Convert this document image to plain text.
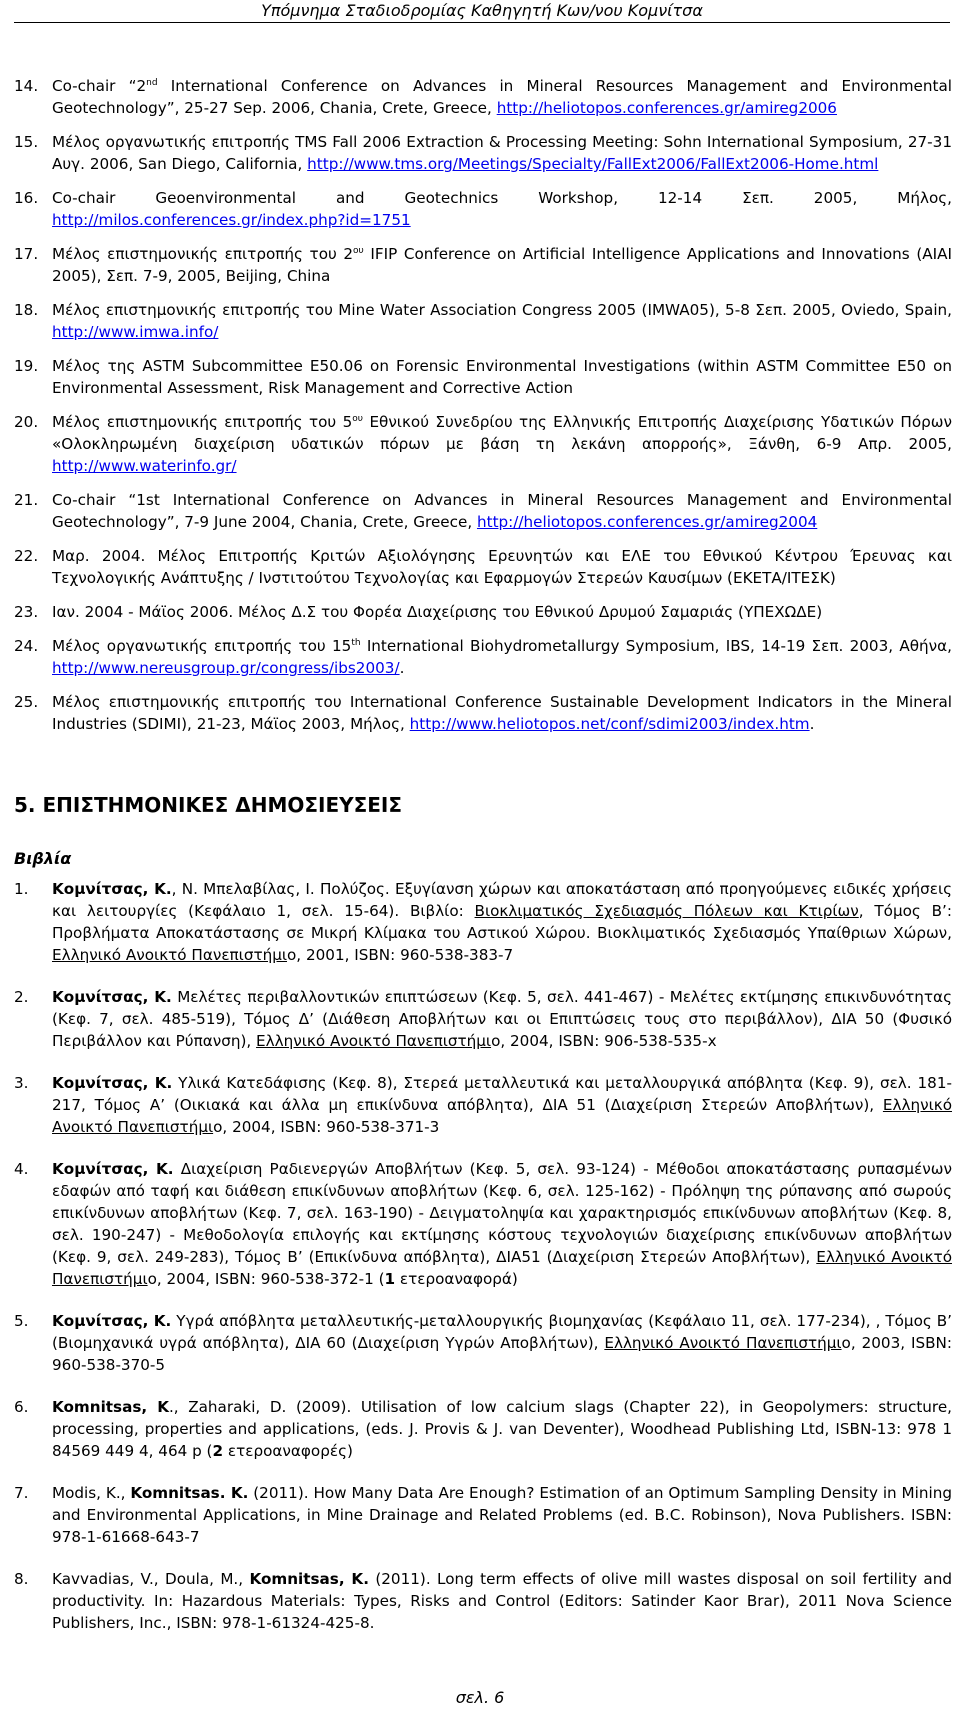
Υπόμνημα Σταδιοδρομίας Καθηγητή Κων/νου Κομνίτσα
14. Co-chair “2nd International Conference on Advances in Mineral Resources Management and Environmental Geotechnology”, 25-27 Sep. 2006, Chania, Crete, Greece, http://heliotopos.conferences.gr/amireg2006
15. Μέλος οργανωτικής επιτροπής TMS Fall 2006 Extraction & Processing Meeting: Sohn International Symposium, 27-31 Αυγ. 2006, San Diego, California, http://www.tms.org/Meetings/Specialty/FallExt2006/FallExt2006-Home.html
16. Co-chair Geoenvironmental and Geotechnics Workshop, 12-14 Σεπ. 2005, Μήλος, http://milos.conferences.gr/index.php?id=1751
17. Μέλος επιστημονικής επιτροπής του $2^{o\upsilon}$ IFIP Conference on Artificial Intelligence Applications and Innovations (AIAI 2005), Σεπ. 7-9, 2005, Beijing, China
18. Μέλος επιστημονικής επιτροπής του Mine Water Association Congress 2005 (IMWA05), 5-8 Σεπ. 2005, Oviedo, Spain, http://www.imwa.info/
19. Μέλος της ASTM Subcommittee E50.06 on Forensic Environmental Investigations (within ASTM Committee E50 on Environmental Assessment, Risk Management and Corrective Action
20. Μέλος επιστημονικής επιτροπής του $5^{o\upsilon}$ Εθνικού Συνεδρίου της Ελληνικής Επιτροπής Διαχείρισης Υδατικών Πόρων «Ολοκληρωμένη διαχείριση υδατικών πόρων με βάση τη λεκάνη απορροής», Ξάνθη, 6-9 Απρ. 2005, http://www.waterinfo.gr/
21. Co-chair “1st International Conference on Advances in Mineral Resources Management and Environmental Geotechnology”, 7-9 June 2004, Chania, Crete, Greece, http://heliotopos.conferences.gr/amireg2004
22. Μαρ. 2004. Μέλος Επιτροπής Κριτών Αξιολόγησης Ερευνητών και ΕΛΕ του Εθνικού Κέντρου Έρευνας και Τεχνολογικής Ανάπτυξης / Ινστιτούτου Τεχνολογίας και Εφαρμογών Στερεών Καυσίμων (ΕΚΕΤΑ/ΙΤΕΣΚ)
23. Ιαν. 2004 - Μάϊος 2006. Μέλος Δ.Σ του Φορέα Διαχείρισης του Εθνικού Δρυμού Σαμαριάς (ΥΠΕΧΩΔΕ)
24. Μέλος οργανωτικής επιτροπής του 15th International Biohydrometallurgy Symposium, IBS, 14-19 Σεπ. 2003, Αθήνα, http://www.nereusgroup.gr/congress/ibs2003/.
25. Μέλος επιστημονικής επιτροπής του International Conference Sustainable Development Indicators in the Mineral Industries (SDIMI), 21-23, Μάϊος 2003, Μήλος, http://www.heliotopos.net/conf/sdimi2003/index.htm.
5. ΕΠΙΣΤΗΜΟΝΙΚΕΣ ΔΗΜΟΣΙΕΥΣΕΙΣ
Βιβλία
1.	Κομνίτσας, Κ., Ν. Μπελαβίλας, Ι. Πολύζος. Εξυγίανση χώρων και αποκατάσταση από προηγούμενες ειδικές χρήσεις και λειτουργίες (Κεφάλαιο 1, σελ. 15-64). Βιβλίο: Βιοκλιματικός Σχεδιασμός Πόλεων και Κτιρίων, Τόμος Β’: Προβλήματα Αποκατάστασης σε Μικρή Κλίμακα του Αστικού Χώρου. Βιοκλιματικός Σχεδιασμός Υπαίθριων Χώρων, Ελληνικό Ανοικτό Πανεπιστήμιο, 2001, ISBN: 960-538-383-7
2.	Κομνίτσας, Κ. Μελέτες περιβαλλοντικών επιπτώσεων (Κεφ. 5, σελ. 441-467) - Μελέτες εκτίμησης επικινδυνότητας (Κεφ. 7, σελ. 485-519), Τόμος Δ’ (Διάθεση Αποβλήτων και οι Επιπτώσεις τους στο περιβάλλον), ΔΙΑ 50 (Φυσικό Περιβάλλον και Ρύπανση), Ελληνικό Ανοικτό Πανεπιστήμιο, 2004, ISBN: 906-538-535-x
3.	Κομνίτσας, Κ. Υλικά Κατεδάφισης (Κεφ. 8), Στερεά μεταλλευτικά και μεταλλουργικά απόβλητα (Κεφ. 9), σελ. 181-217, Τόμος Α’ (Οικιακά και άλλα μη επικίνδυνα απόβλητα), ΔΙΑ 51 (Διαχείριση Στερεών Αποβλήτων), Ελληνικό Ανοικτό Πανεπιστήμιο, 2004, ISBN: 960-538-371-3
4.	Κομνίτσας, Κ. Διαχείριση Ραδιενεργών Αποβλήτων (Κεφ. 5, σελ. 93-124) - Μέθοδοι αποκατάστασης ρυπασμένων εδαφών από ταφή και διάθεση επικίνδυνων αποβλήτων (Κεφ. 6, σελ. 125-162) - Πρόληψη της ρύπανσης από σωρούς επικίνδυνων αποβλήτων (Κεφ. 7, σελ. 163-190) - Δειγματοληψία και χαρακτηρισμός επικίνδυνων αποβλήτων (Κεφ. 8, σελ. 190-247) - Μεθοδολογία επιλογής και εκτίμησης κόστους τεχνολογιών διαχείρισης επικίνδυνων αποβλήτων (Κεφ. 9, σελ. 249-283), Τόμος Β’ (Επικίνδυνα απόβλητα), ΔΙΑ51 (Διαχείριση Στερεών Αποβλήτων), Ελληνικό Ανοικτό Πανεπιστήμιο, 2004, ISBN: 960-538-372-1 (1 ετεροαναφορά)
5.	Κομνίτσας, Κ. Υγρά απόβλητα μεταλλευτικής-μεταλλουργικής βιομηχανίας (Κεφάλαιο 11, σελ. 177-234), , Τόμος Β’ (Βιομηχανικά υγρά απόβλητα), ΔΙΑ 60 (Διαχείριση Υγρών Αποβλήτων), Ελληνικό Ανοικτό Πανεπιστήμιο, 2003, ISBN: 960-538-370-5
6.	Komnitsas, K., Zaharaki, D. (2009). Utilisation of low calcium slags (Chapter 22), in Geopolymers: structure, processing, properties and applications, (eds. J. Provis & J. van Deventer), Woodhead Publishing Ltd, ISBN-13: 978 1 84569 449 4, 464 p (2 ετεροαναφορές)
7.	Modis, K., Komnitsas. K. (2011). How Many Data Are Enough? Estimation of an Optimum Sampling Density in Mining and Environmental Applications, in Mine Drainage and Related Problems (ed. B.C. Robinson), Nova Publishers. ISBN: 978-1-61668-643-7
8.	Kavvadias, V., Doula, M., Komnitsas, K. (2011). Long term effects of olive mill wastes disposal on soil fertility and productivity. In: Hazardous Materials: Types, Risks and Control (Editors: Satinder Kaor Brar), 2011 Nova Science Publishers, Inc., ISBN: 978-1-61324-425-8.
σελ. 6
